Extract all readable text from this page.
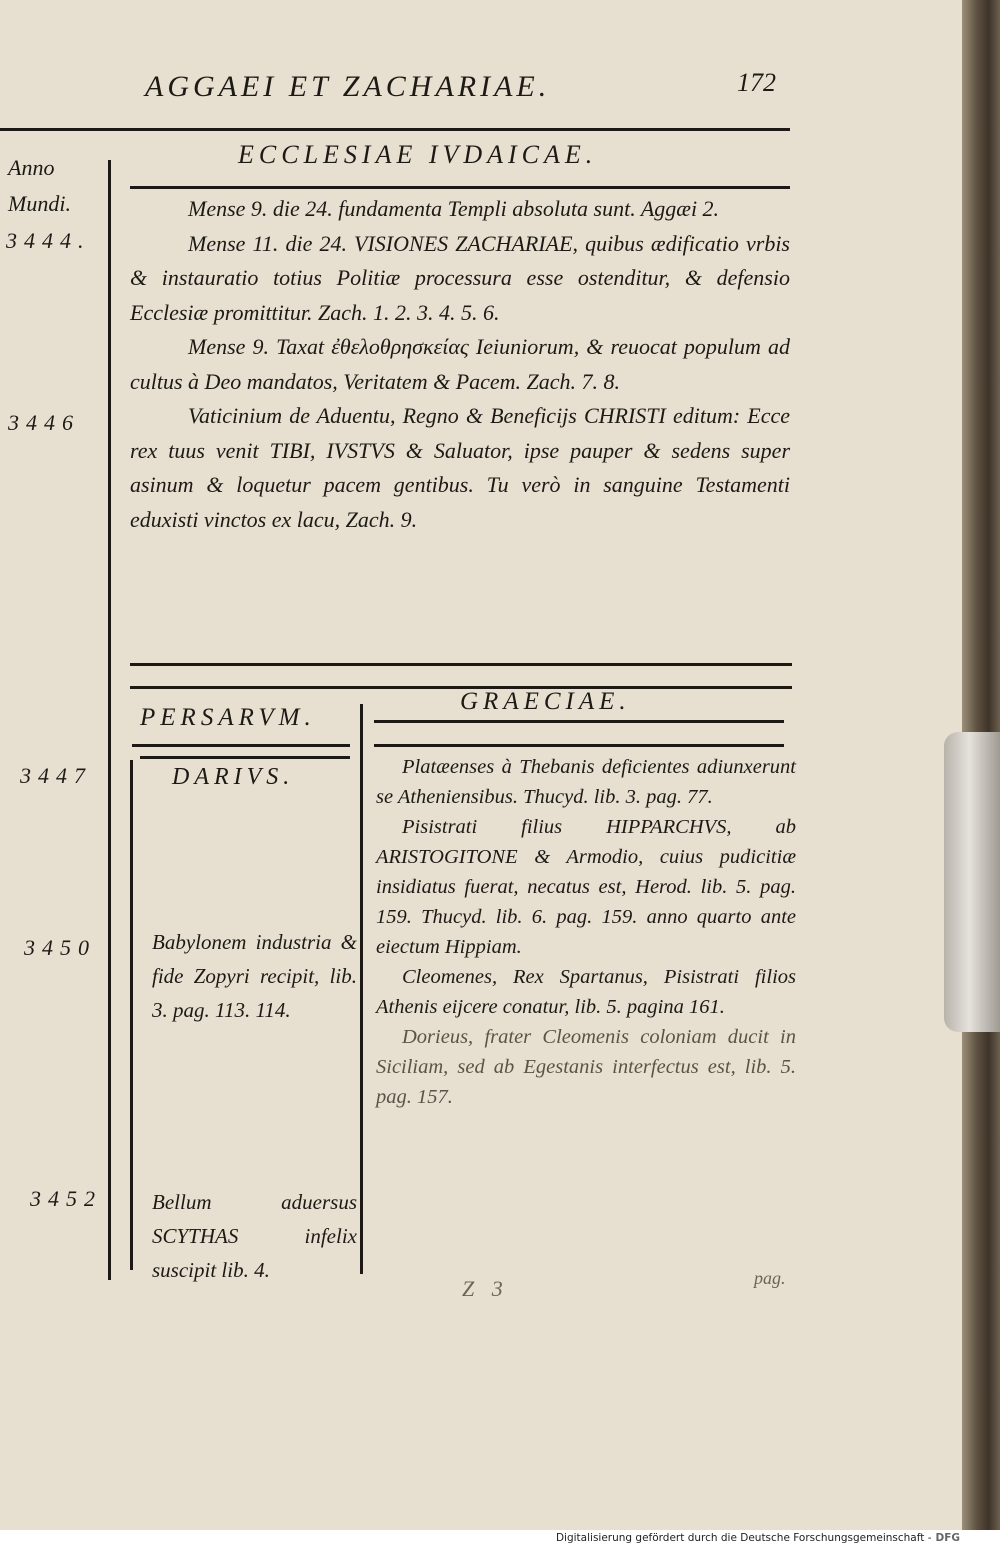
AGGAEI ET ZACHARIAE.	172
Anno
Mundi.
3444.
3446
3447
3450
3452
ECCLESIAE IVDAICAE.

Mense 9. die 24. fundamenta Templi absoluta sunt. Aggæi 2.

Mense 11. die 24. VISIONES ZACHARIAE, quibus ædificatio vrbis & instauratio totius Politiæ processura esse ostenditur, & defensio Ecclesiæ promittitur. Zach. 1. 2. 3. 4. 5. 6.

Mense 9. Taxat ἐθελοθρησκείας Ieiuniorum, & reuocat populum ad cultus à Deo mandatos, Veritatem & Pacem. Zach. 7. 8.

Vaticinium de Aduentu, Regno & Beneficijs CHRISTI editum: Ecce rex tuus venit TIBI, IVSTVS & Saluator, ipse pauper & sedens super asinum & loquetur pacem gentibus. Tu verò in sanguine Testamenti eduxisti vinctos ex lacu, Zach. 9.

PERSARVM.
GRAECIAE.
DARIVS.
Babylonem industria & fide Zopyri recipit, lib. 3. pag. 113. 114.
Bellum aduersus SCYTHAS infelix suscipit lib. 4.

Platæenses à Thebanis deficientes adiunxerunt se Atheniensibus. Thucyd. lib. 3. pag. 77.

Pisistrati filius HIPPARCHVS, ab ARISTOGITONE & Armodio, cuius pudicitiæ insidiatus fuerat, necatus est, Herod. lib. 5. pag. 159. Thucyd. lib. 6. pag. 159. anno quarto ante eiectum Hippiam.

Cleomenes, Rex Spartanus, Pisistrati filios Athenis eijcere conatur, lib. 5. pagina 161.

Dorieus, frater Cleomenis coloniam ducit in Siciliam, sed ab Egestanis interfectus est, lib. 5. pag. 157.

Z 3	pag.
Digitalisierung gefördert durch die Deutsche Forschungsgemeinschaft - DFG
